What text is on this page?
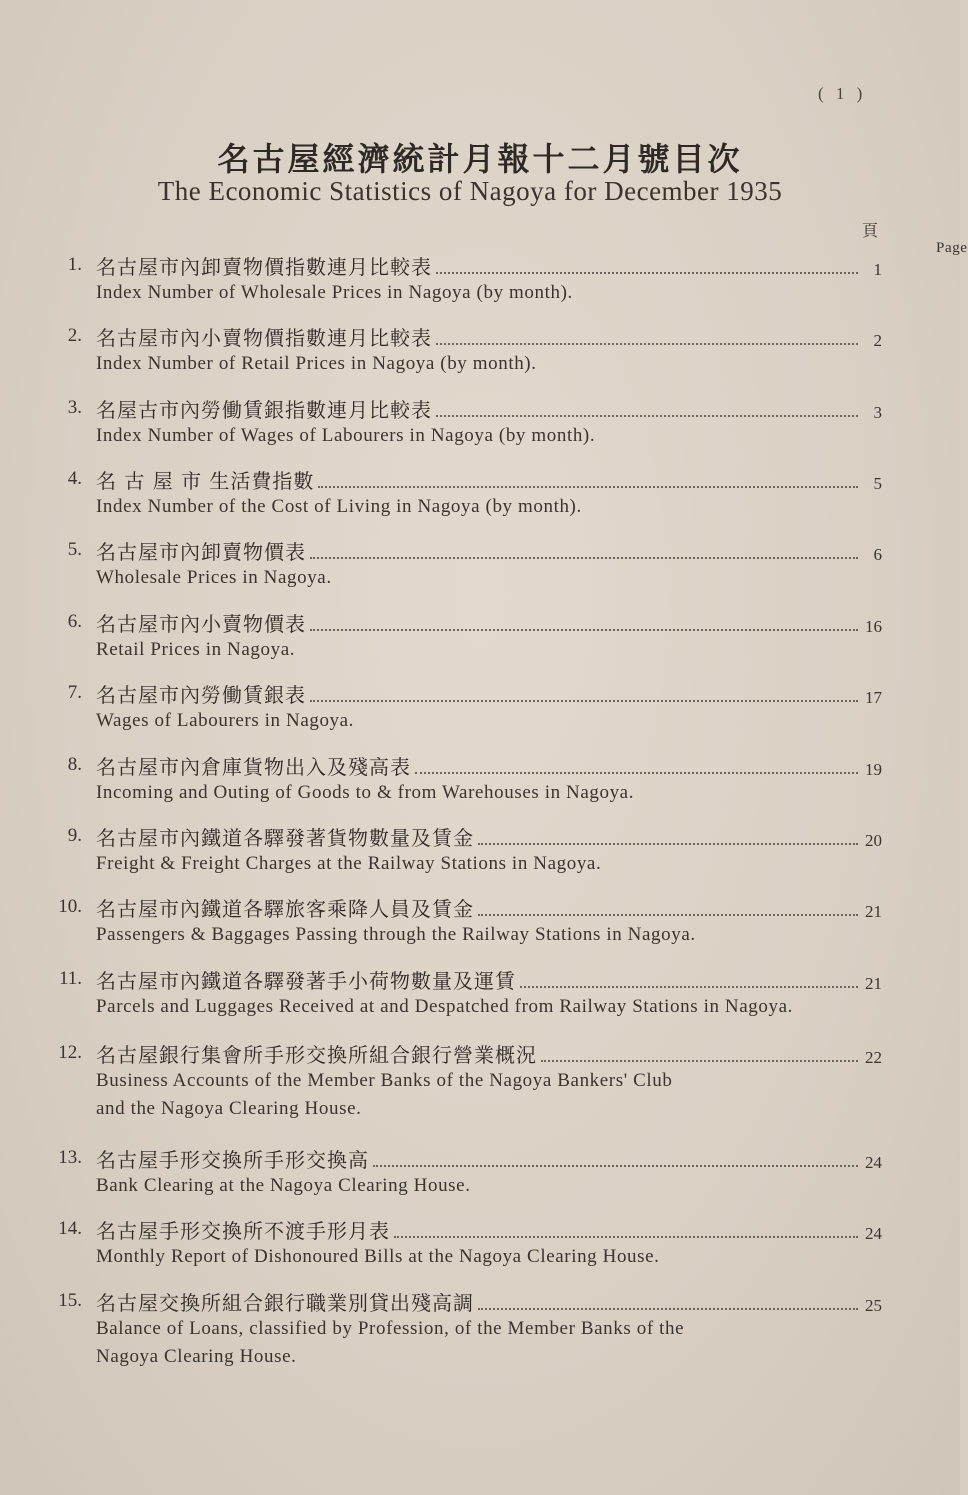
( 1 )
名古屋經濟統計月報十二月號目次
The Economic Statistics of Nagoya for December 1935
頁
Page
1. 名古屋市內卸賣物價指數連月比較表	1
Index Number of Wholesale Prices in Nagoya (by month).
2. 名古屋市內小賣物價指數連月比較表	2
Index Number of Retail Prices in Nagoya (by month).
3. 名屋古市內勞働賃銀指數連月比較表	3
Index Number of Wages of Labourers in Nagoya (by month).
4. 名 古 屋 市 生活費指數	5
Index Number of the Cost of Living in Nagoya (by month).
5. 名古屋市內卸賣物價表	6
Wholesale Prices in Nagoya.
6. 名古屋市內小賣物價表	16
Retail Prices in Nagoya.
7. 名古屋市內勞働賃銀表	17
Wages of Labourers in Nagoya.
8. 名古屋市內倉庫貨物出入及殘高表	19
Incoming and Outing of Goods to & from Warehouses in Nagoya.
9. 名古屋市內鐵道各驛發著貨物數量及賃金	20
Freight & Freight Charges at the Railway Stations in Nagoya.
10. 名古屋市內鐵道各驛旅客乘降人員及賃金	21
Passengers & Baggages Passing through the Railway Stations in Nagoya.
11. 名古屋市內鐵道各驛發著手小荷物數量及運賃	21
Parcels and Luggages Received at and Despatched from Railway Stations in Nagoya.
12. 名古屋銀行集會所手形交換所組合銀行營業概況	22
Business Accounts of the Member Banks of the Nagoya Bankers' Club
and the Nagoya Clearing House.
13. 名古屋手形交換所手形交換高	24
Bank Clearing at the Nagoya Clearing House.
14. 名古屋手形交換所不渡手形月表	24
Monthly Report of Dishonoured Bills at the Nagoya Clearing House.
15. 名古屋交換所組合銀行職業別貸出殘高調	25
Balance of Loans, classified by Profession, of the Member Banks of the
Nagoya Clearing House.
